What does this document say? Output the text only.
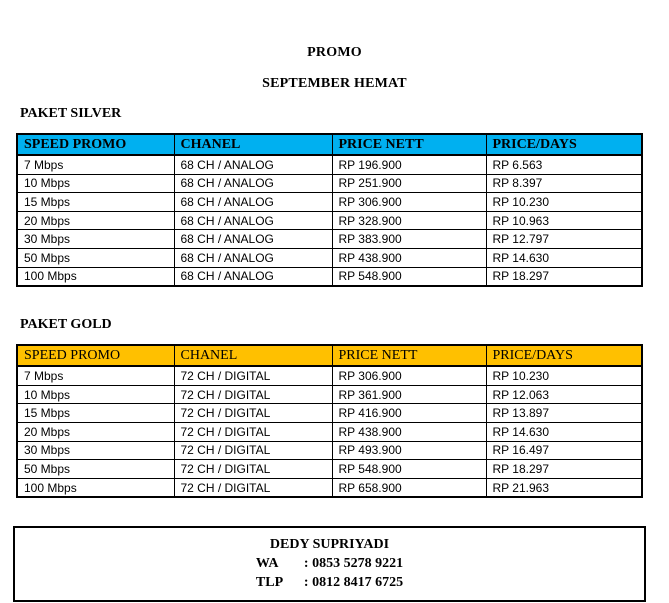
PROMO
SEPTEMBER HEMAT
PAKET SILVER
SPEED PROMO	CHANEL	PRICE NETT	PRICE/DAYS
7 Mbps	68 CH / ANALOG	RP 196.900	RP 6.563
10 Mbps	68 CH / ANALOG	RP 251.900	RP 8.397
15 Mbps	68 CH / ANALOG	RP 306.900	RP 10.230
20 Mbps	68 CH / ANALOG	RP 328.900	RP 10.963
30 Mbps	68 CH / ANALOG	RP 383.900	RP 12.797
50 Mbps	68 CH / ANALOG	RP 438.900	RP 14.630
100 Mbps	68 CH / ANALOG	RP 548.900	RP 18.297
PAKET GOLD
SPEED PROMO	CHANEL	PRICE NETT	PRICE/DAYS
7 Mbps	72 CH / DIGITAL	RP 306.900	RP 10.230
10 Mbps	72 CH / DIGITAL	RP 361.900	RP 12.063
15 Mbps	72 CH / DIGITAL	RP 416.900	RP 13.897
20 Mbps	72 CH / DIGITAL	RP 438.900	RP 14.630
30 Mbps	72 CH / DIGITAL	RP 493.900	RP 16.497
50 Mbps	72 CH / DIGITAL	RP 548.900	RP 18.297
100 Mbps	72 CH / DIGITAL	RP 658.900	RP 21.963
DEDY SUPRIYADI
WA	: 0853 5278 9221
TLP	: 0812 8417 6725
